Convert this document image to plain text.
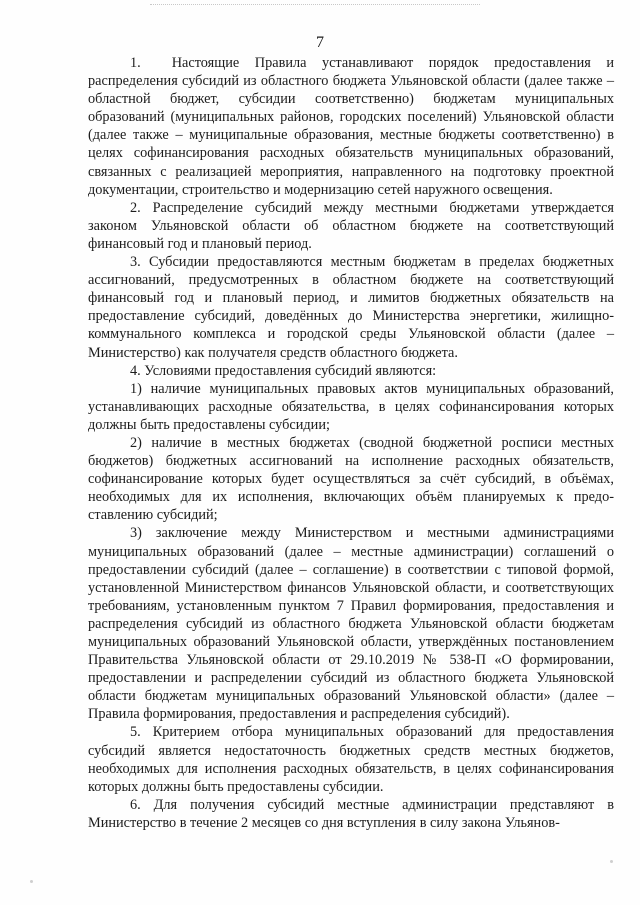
7

1.  Настоящие Правила устанавливают порядок предоставления и распределения субсидий из областного бюджета Ульяновской области (далее также – областной бюджет, субсидии соответственно) бюджетам муниципальных образований (муниципальных районов, городских поселений) Ульяновской области (далее также – муниципальные образования, местные бюджеты соответственно) в целях софинансирования расходных обязательств муниципальных образований, связанных с реализацией мероприятия, направленного на подготовку проектной документации, строительство и модернизацию сетей наружного освещения.

2. Распределение субсидий между местными бюджетами утверждается законом Ульяновской области об областном бюджете на соответствующий финансовый год и плановый период.

3. Субсидии предоставляются местным бюджетам в пределах бюджетных ассигнований, предусмотренных в областном бюджете на соответствующий финансовый год и плановый период, и лимитов бюджетных обязательств на предоставление субсидий, доведённых до Министерства энергетики, жилищно-коммунального комплекса и городской среды Ульяновской области (далее – Министерство) как получателя средств областного бюджета.

4. Условиями предоставления субсидий являются:

1) наличие муниципальных правовых актов муниципальных образований, устанавливающих расходные обязательства, в целях софинансирования которых должны быть предоставлены субсидии;

2) наличие в местных бюджетах (сводной бюджетной росписи местных бюджетов) бюджетных ассигнований на исполнение расходных обязательств, софинансирование которых будет осуществляться за счёт субсидий, в объёмах, необходимых для их исполнения, включающих объём планируемых к предоставлению субсидий;

3) заключение между Министерством и местными администрациями муниципальных образований (далее – местные администрации) соглашений о предоставлении субсидий (далее – соглашение) в соответствии с типовой формой, установленной Министерством финансов Ульяновской области, и соответствующих требованиям, установленным пунктом 7 Правил формирования, предоставления и распределения субсидий из областного бюджета Ульяновской области бюджетам муниципальных образований Ульяновской области, утверждённых постановлением Правительства Ульяновской области от 29.10.2019 № 538-П «О формировании, предоставлении и распределении субсидий из областного бюджета Ульяновской области бюджетам муниципальных образований Ульяновской области» (далее – Правила формирования, предоставления и распределения субсидий).

5. Критерием отбора муниципальных образований для предоставления субсидий является недостаточность бюджетных средств местных бюджетов, необходимых для исполнения расходных обязательств, в целях софинансирования которых должны быть предоставлены субсидии.

6. Для получения субсидий местные администрации представляют в Министерство в течение 2 месяцев со дня вступления в силу закона Ульянов-
